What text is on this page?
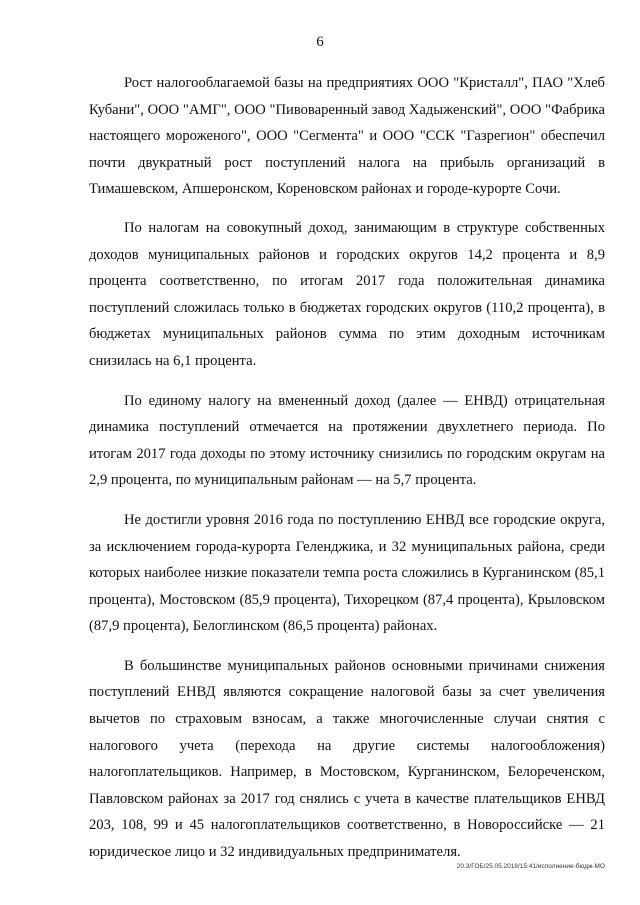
6

Рост налогооблагаемой базы на предприятиях ООО "Кристалл", ПАО "Хлеб Кубани", ООО "АМГ", ООО "Пивоваренный завод Хадыженский", ООО "Фабрика настоящего мороженого", ООО "Сегмента" и ООО "ССК "Газрегион" обеспечил почти двукратный рост поступлений налога на прибыль организаций в Тимашевском, Апшеронском, Кореновском районах и городе-курорте Сочи.

По налогам на совокупный доход, занимающим в структуре собственных доходов муниципальных районов и городских округов 14,2 процента и 8,9 процента соответственно, по итогам 2017 года положительная динамика поступлений сложилась только в бюджетах городских округов (110,2 процента), в бюджетах муниципальных районов сумма по этим доходным источникам снизилась на 6,1 процента.

По единому налогу на вмененный доход (далее — ЕНВД) отрицательная динамика поступлений отмечается на протяжении двухлетнего периода. По итогам 2017 года доходы по этому источнику снизились по городским округам на 2,9 процента, по муниципальным районам — на 5,7 процента.

Не достигли уровня 2016 года по поступлению ЕНВД все городские округа, за исключением города-курорта Геленджика, и 32 муниципальных района, среди которых наиболее низкие показатели темпа роста сложились в Курганинском (85,1 процента), Мостовском (85,9 процента), Тихорецком (87,4 процента), Крыловском (87,9 процента), Белоглинском (86,5 процента) районах.

В большинстве муниципальных районов основными причинами снижения поступлений ЕНВД являются сокращение налоговой базы за счет увеличения вычетов по страховым взносам, а также многочисленные случаи снятия с налогового учета (перехода на другие системы налогообложения) налогоплательщиков. Например, в Мостовском, Курганинском, Белореченском, Павловском районах за 2017 год снялись с учета в качестве плательщиков ЕНВД 203, 108, 99 и 45 налогоплательщиков соответственно, в Новороссийске — 21 юридическое лицо и 32 индивидуальных предпринимателя.

20.3/ГОБ/25.05.2018/15:41/исполнение-бюдж-МО
